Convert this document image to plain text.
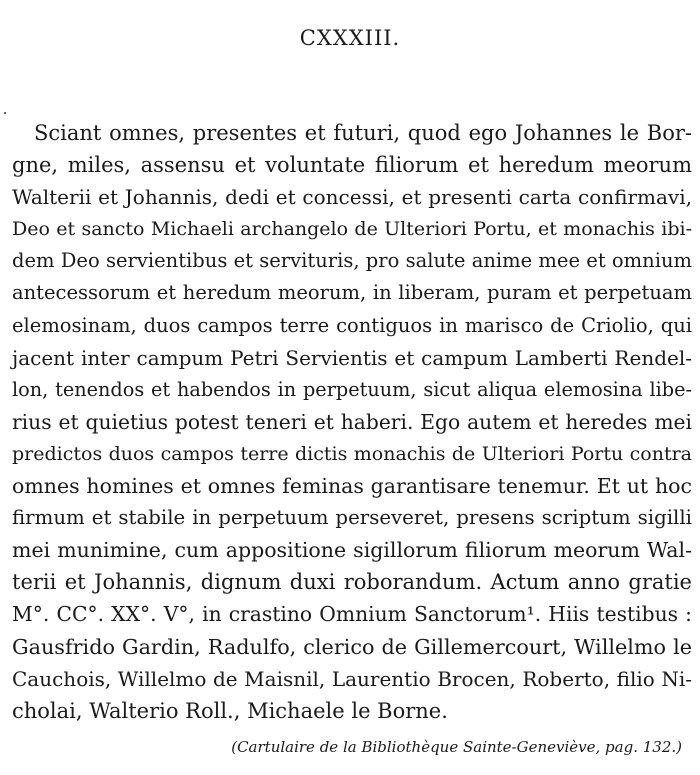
CXXXIII.
Sciant omnes, presentes et futuri, quod ego Johannes le Bor-
gne, miles, assensu et voluntate filiorum et heredum meorum
Walterii et Johannis, dedi et concessi, et presenti carta confirmavi,
Deo et sancto Michaeli archangelo de Ulteriori Portu, et monachis ibi-
dem Deo servientibus et servituris, pro salute anime mee et omnium
antecessorum et heredum meorum, in liberam, puram et perpetuam
elemosinam, duos campos terre contiguos in marisco de Criolio, qui
jacent inter campum Petri Servientis et campum Lamberti Rendel-
lon, tenendos et habendos in perpetuum, sicut aliqua elemosina libe-
rius et quietius potest teneri et haberi. Ego autem et heredes mei
predictos duos campos terre dictis monachis de Ulteriori Portu contra
omnes homines et omnes feminas garantisare tenemur. Et ut hoc
firmum et stabile in perpetuum perseveret, presens scriptum sigilli
mei munimine, cum appositione sigillorum filiorum meorum Wal-
terii et Johannis, dignum duxi roborandum. Actum anno gratie
M°. CC°. XX°. V°, in crastino Omnium Sanctorum¹. Hiis testibus :
Gausfrido Gardin, Radulfo, clerico de Gillemercourt, Willelmo le
Cauchois, Willelmo de Maisnil, Laurentio Brocen, Roberto, filio Ni-
cholai, Walterio Roll., Michaele le Borne.
(Cartulaire de la Bibliothèque Sainte-Geneviève, pag. 132.)
